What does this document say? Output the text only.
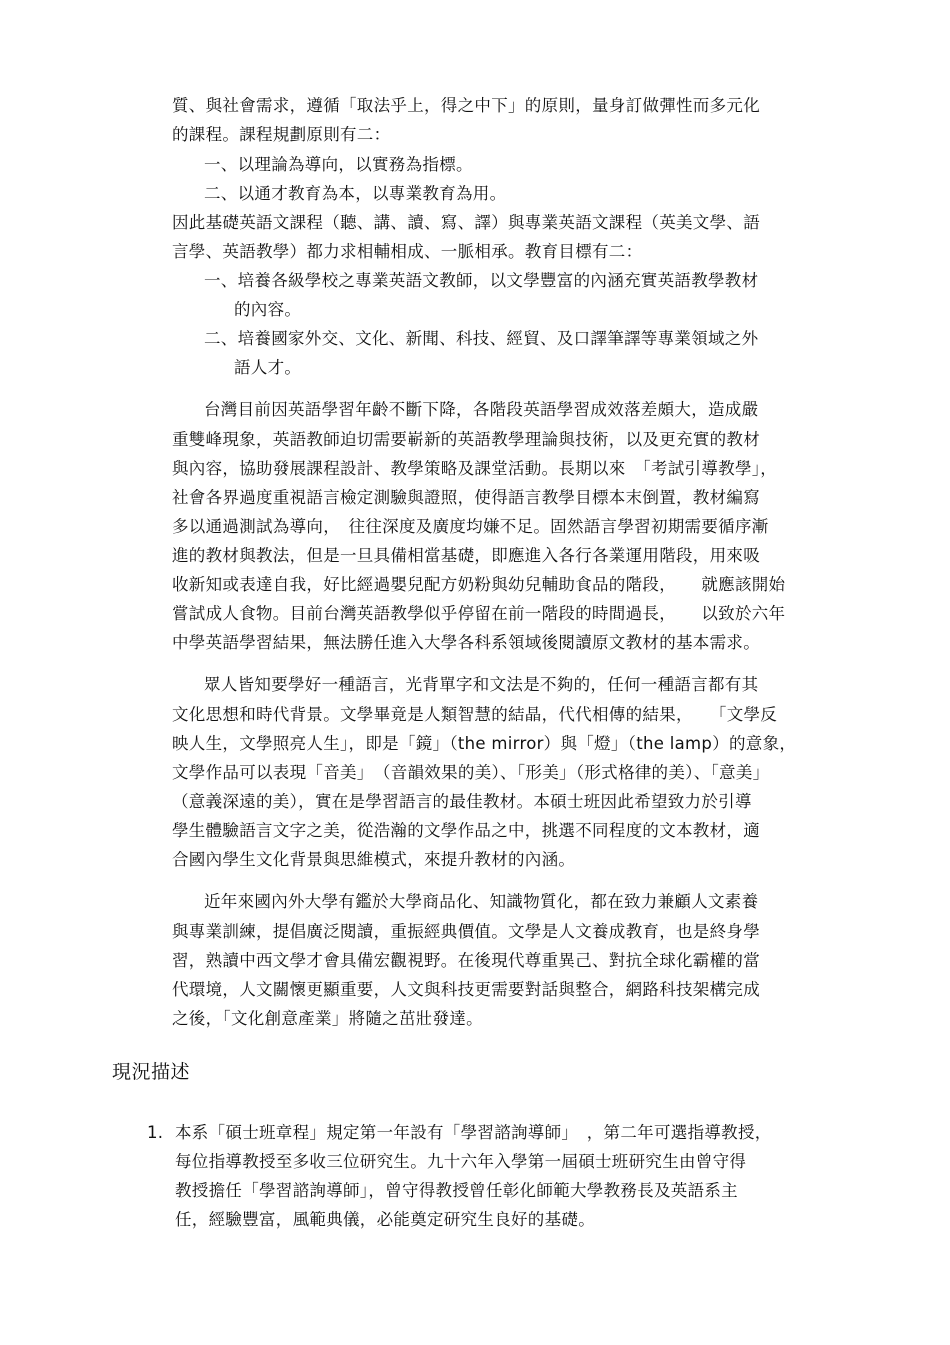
質、與社會需求，遵循「取法乎上，得之中下」的原則，量身訂做彈性而多元化
的課程。課程規劃原則有二：
一、以理論為導向，以實務為指標。
二、以通才教育為本，以專業教育為用。
因此基礎英語文課程（聽、講、讀、寫、譯）與專業英語文課程（英美文學、語
言學、英語教學）都力求相輔相成、一脈相承。教育目標有二：
一、培養各級學校之專業英語文教師，以文學豐富的內涵充實英語教學教材
的內容。
二、培養國家外交、文化、新聞、科技、經貿、及口譯筆譯等專業領域之外
語人才。
台灣目前因英語學習年齡不斷下降，各階段英語學習成效落差頗大，造成嚴
重雙峰現象，英語教師迫切需要嶄新的英語教學理論與技術，以及更充實的教材
與內容，協助發展課程設計、教學策略及課堂活動。長期以來　「考試引導教學」，
社會各界過度重視語言檢定測驗與證照，使得語言教學目標本末倒置，教材編寫
多以通過測試為導向，　往往深度及廣度均嫌不足。固然語言學習初期需要循序漸
進的教材與教法，但是一旦具備相當基礎，即應進入各行各業運用階段，用來吸
收新知或表達自我，好比經過嬰兒配方奶粉與幼兒輔助食品的階段，　　就應該開始
嘗試成人食物。目前台灣英語教學似乎停留在前一階段的時間過長，　　以致於六年
中學英語學習結果，無法勝任進入大學各科系領域後閱讀原文教材的基本需求。
眾人皆知要學好一種語言，光背單字和文法是不夠的，任何一種語言都有其
文化思想和時代背景。文學畢竟是人類智慧的結晶，代代相傳的結果，　　「文學反
映人生，文學照亮人生」，即是「鏡」（the mirror）與「燈」（the lamp）的意象，
文學作品可以表現「音美」　（音韻效果的美）、「形美」（形式格律的美）、「意美」
（意義深遠的美），實在是學習語言的最佳教材。本碩士班因此希望致力於引導
學生體驗語言文字之美，從浩瀚的文學作品之中，挑選不同程度的文本教材，適
合國內學生文化背景與思維模式，來提升教材的內涵。
近年來國內外大學有鑑於大學商品化、知識物質化，都在致力兼顧人文素養
與專業訓練，提倡廣泛閱讀，重振經典價值。文學是人文養成教育，也是終身學
習，熟讀中西文學才會具備宏觀視野。在後現代尊重異己、對抗全球化霸權的當
代環境，人文關懷更顯重要，人文與科技更需要對話與整合，網路科技架構完成
之後，「文化創意產業」將隨之茁壯發達。
現況描述
1. 本系「碩士班章程」規定第一年設有「學習諮詢導師」　，第二年可選指導教授，
每位指導教授至多收三位研究生。九十六年入學第一屆碩士班研究生由曾守得
教授擔任「學習諮詢導師」，曾守得教授曾任彰化師範大學教務長及英語系主
任，經驗豐富，風範典儀，必能奠定研究生良好的基礎。
